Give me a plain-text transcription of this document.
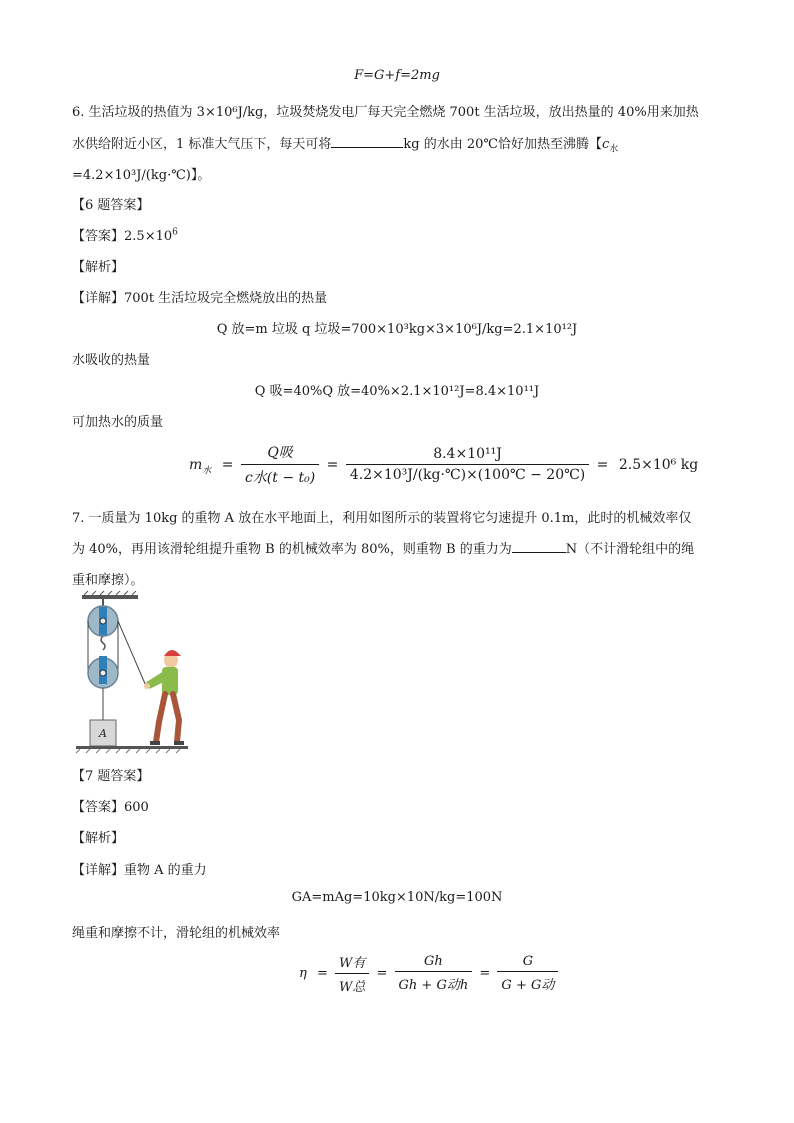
F=G+f=2mg
6. 生活垃圾的热值为 3×10⁶J/kg，垃圾焚烧发电厂每天完全燃烧 700t 生活垃圾，放出热量的 40%用来加热
水供给附近小区，1 标准大气压下，每天可将	kg 的水由 20℃恰好加热至沸腾【$c_水$
=4.2×10³J/(kg·℃)】。
【6 题答案】
【答案】$2.5\times 10^6$
【解析】
【详解】700t 生活垃圾完全燃烧放出的热量
Q 放=m 垃圾 q 垃圾=700×10³kg×3×10⁶J/kg=2.1×10¹²J
水吸收的热量
Q 吸=40%Q 放=40%×2.1×10¹²J=8.4×10¹¹J
可加热水的质量
$m_水 = \frac{\text{Q吸}}{\text{c水(t − t₀)}} = \frac{\text{8.4×10¹¹J}}{\text{4.2×10³J/(kg·℃)×(100℃ − 20℃)}} = 2.5\times 10^6$ kg
7. 一质量为 10kg 的重物 A 放在水平地面上，利用如图所示的装置将它匀速提升 0.1m，此时的机械效率仅
为 40%，再用该滑轮组提升重物 B 的机械效率为 80%，则重物 B 的重力为	N（不计滑轮组中的绳
重和摩擦）。
A
【7 题答案】
【答案】600
【解析】
【详解】重物 A 的重力
GA=mAg=10kg×10N/kg=100N
绳重和摩擦不计，滑轮组的机械效率
$\eta = \frac{\text{W有}}{\text{W总}} = \frac{Gh}{\text{Gh + G动h}} = \frac{G}{\text{G + G动}}$
